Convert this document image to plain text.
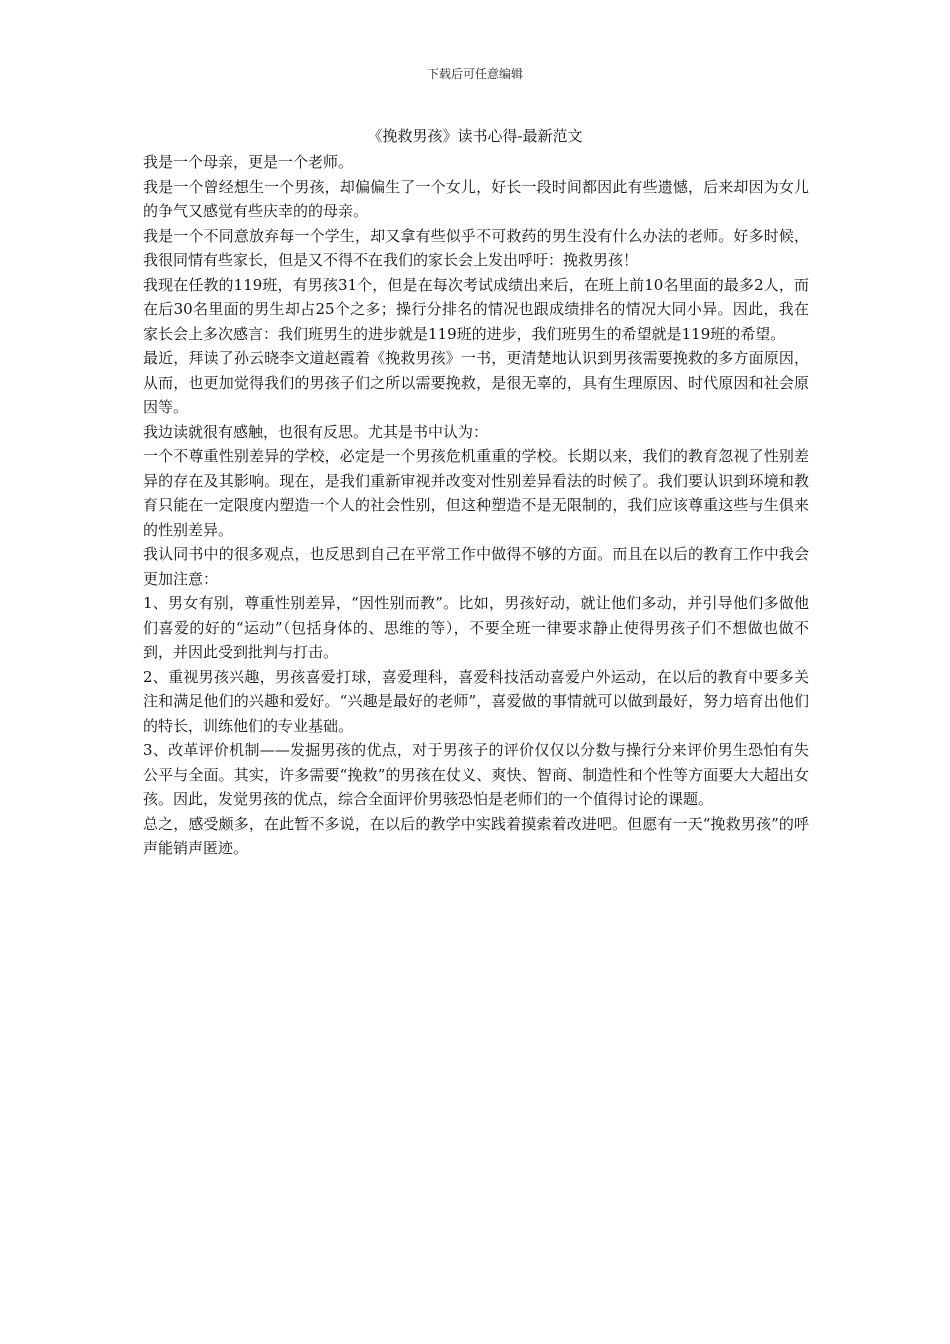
下载后可任意编辑
《挽救男孩》读书心得-最新范文

我是一个母亲，更是一个老师。

我是一个曾经想生一个男孩，却偏偏生了一个女儿，好长一段时间都因此有些遗憾，后来却因为女儿的争气又感觉有些庆幸的的母亲。

我是一个不同意放弃每一个学生，却又拿有些似乎不可救药的男生没有什么办法的老师。好多时候，我很同情有些家长，但是又不得不在我们的家长会上发出呼吁：挽救男孩！

我现在任教的119班，有男孩31个，但是在每次考试成绩出来后，在班上前10名里面的最多2人，而在后30名里面的男生却占25个之多；操行分排名的情况也跟成绩排名的情况大同小异。因此，我在家长会上多次感言：我们班男生的进步就是119班的进步，我们班男生的希望就是119班的希望。

最近，拜读了孙云晓李文道赵霞着《挽救男孩》一书，更清楚地认识到男孩需要挽救的多方面原因，从而，也更加觉得我们的男孩子们之所以需要挽救，是很无辜的，具有生理原因、时代原因和社会原因等。

我边读就很有感触，也很有反思。尤其是书中认为：

一个不尊重性别差异的学校，必定是一个男孩危机重重的学校。长期以来，我们的教育忽视了性别差异的存在及其影响。现在，是我们重新审视并改变对性别差异看法的时候了。我们要认识到环境和教育只能在一定限度内塑造一个人的社会性别，但这种塑造不是无限制的，我们应该尊重这些与生俱来的性别差异。

我认同书中的很多观点，也反思到自己在平常工作中做得不够的方面。而且在以后的教育工作中我会更加注意：

1、男女有别，尊重性别差异，“因性别而教”。比如，男孩好动，就让他们多动，并引导他们多做他们喜爱的好的“运动”（包括身体的、思维的等），不要全班一律要求静止使得男孩子们不想做也做不到，并因此受到批判与打击。

2、重视男孩兴趣，男孩喜爱打球，喜爱理科，喜爱科技活动喜爱户外运动，在以后的教育中要多关注和满足他们的兴趣和爱好。“兴趣是最好的老师”，喜爱做的事情就可以做到最好，努力培育出他们的特长，训练他们的专业基础。

3、改革评价机制——发掘男孩的优点，对于男孩子的评价仅仅以分数与操行分来评价男生恐怕有失公平与全面。其实，许多需要“挽救”的男孩在仗义、爽快、智商、制造性和个性等方面要大大超出女孩。因此，发觉男孩的优点，综合全面评价男骇恐怕是老师们的一个值得讨论的课题。

总之，感受颇多，在此暂不多说，在以后的教学中实践着摸索着改进吧。但愿有一天“挽救男孩”的呼声能销声匿迹。
